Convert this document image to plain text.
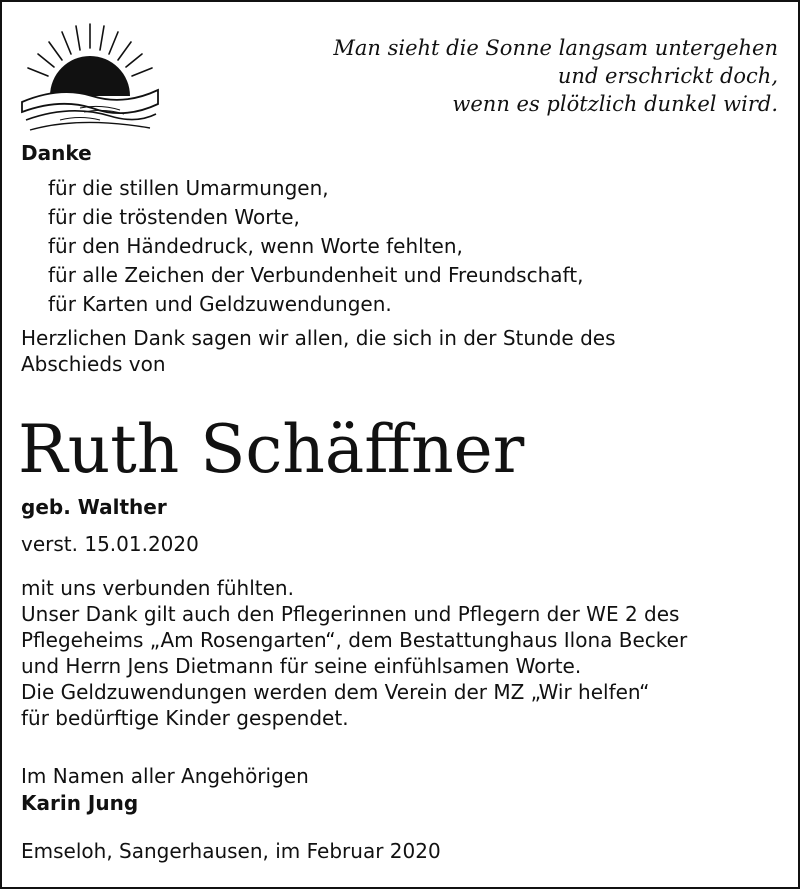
Man sieht die Sonne langsam untergehen
und erschrickt doch,
wenn es plötzlich dunkel wird.
Danke
für die stillen Umarmungen,
für die tröstenden Worte,
für den Händedruck, wenn Worte fehlten,
für alle Zeichen der Verbundenheit und Freundschaft,
für Karten und Geldzuwendungen.
Herzlichen Dank sagen wir allen, die sich in der Stunde des
Abschieds von
Ruth Schäffner
geb. Walther
verst. 15.01.2020
mit uns verbunden fühlten.
Unser Dank gilt auch den Pflegerinnen und Pflegern der WE 2 des
Pflegeheims „Am Rosengarten“, dem Bestattunghaus Ilona Becker
und Herrn Jens Dietmann für seine einfühlsamen Worte.
Die Geldzuwendungen werden dem Verein der MZ „Wir helfen“
für bedürftige Kinder gespendet.
Im Namen aller Angehörigen
Karin Jung
Emseloh, Sangerhausen, im Februar 2020
